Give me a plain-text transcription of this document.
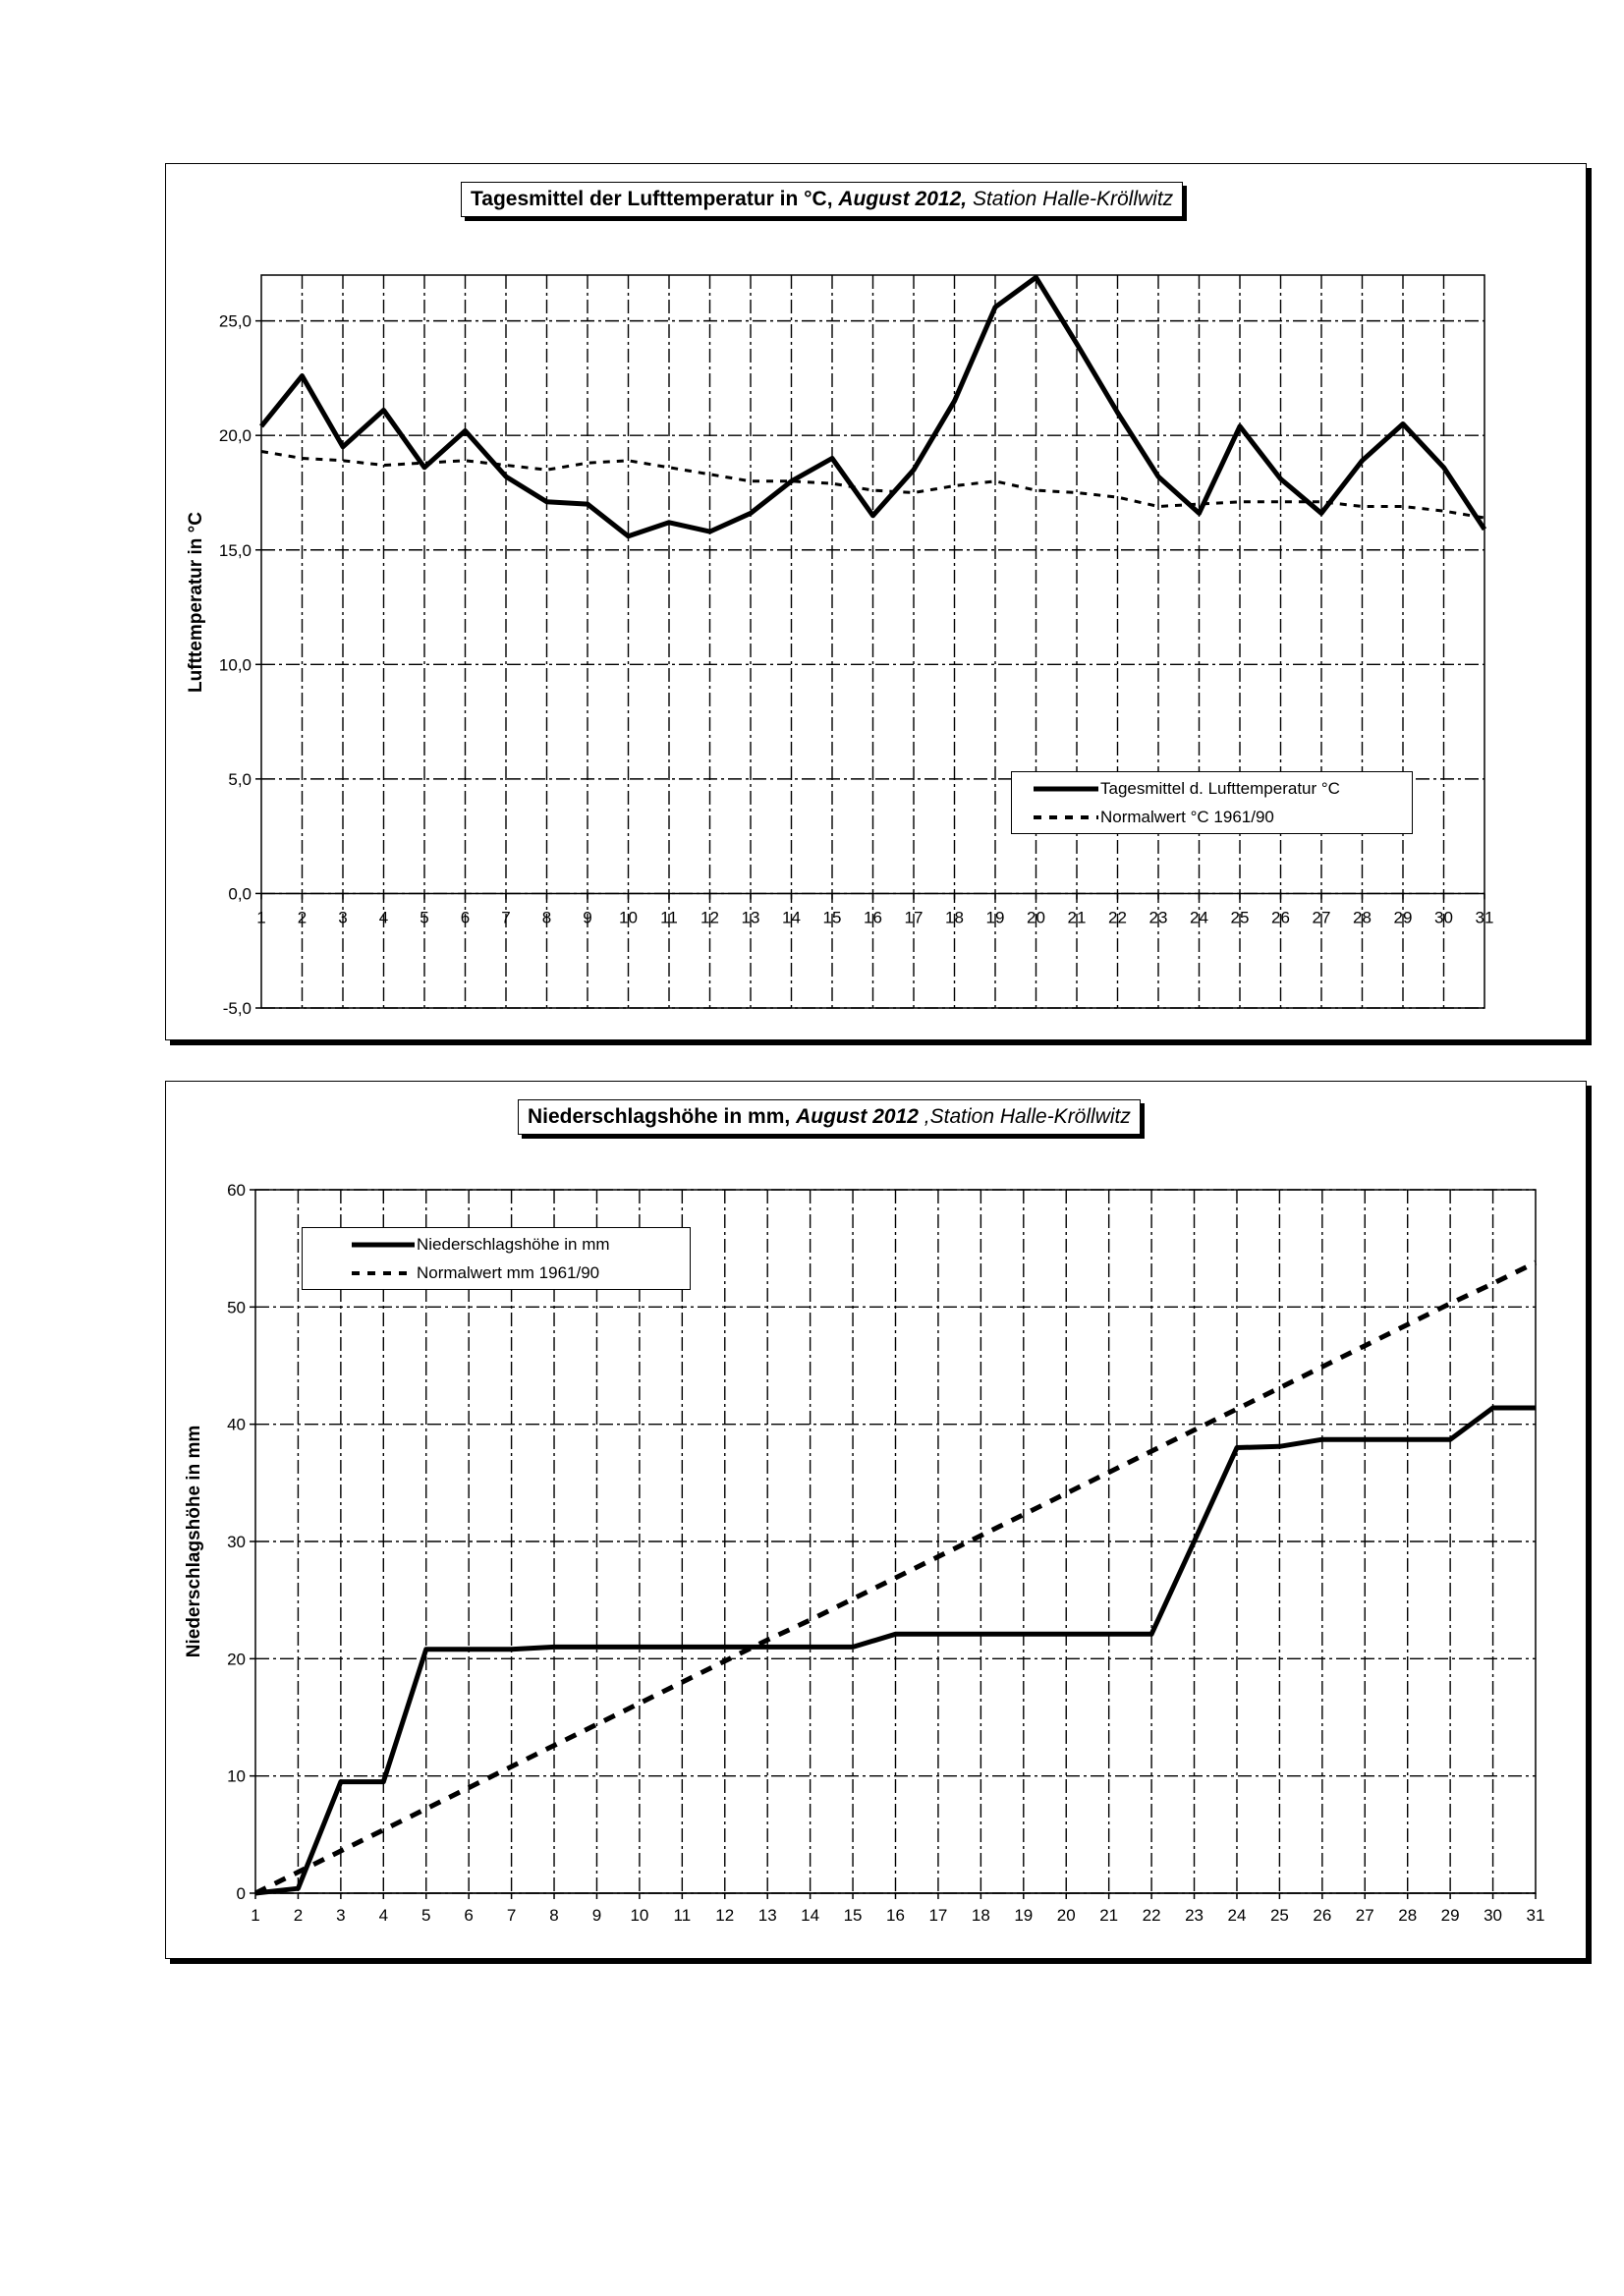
-5,0
0,0
5,0
10,0
15,0
20,0
25,0
1 2 3 4 5 6 7 8 9 10 11 12 13 14 15 16 17 18 19 20 21 22 23 24 25 26 27 28 29 30 31
Lufttemperatur in °C
Tagesmittel der Lufttemperatur in °C, August 2012, Station Halle-Kröllwitz
Tagesmittel d. Lufttemperatur °C
Normalwert °C 1961/90
0
10
20
30
40
50
60
1 2 3 4 5 6 7 8 9 10 11 12 13 14 15 16 17 18 19 20 21 22 23 24 25 26 27 28 29 30 31
Niederschlagshöhe in mm
Niederschlagshöhe in mm, August 2012 ,Station Halle-Kröllwitz
Niederschlagshöhe in mm
Normalwert mm 1961/90
